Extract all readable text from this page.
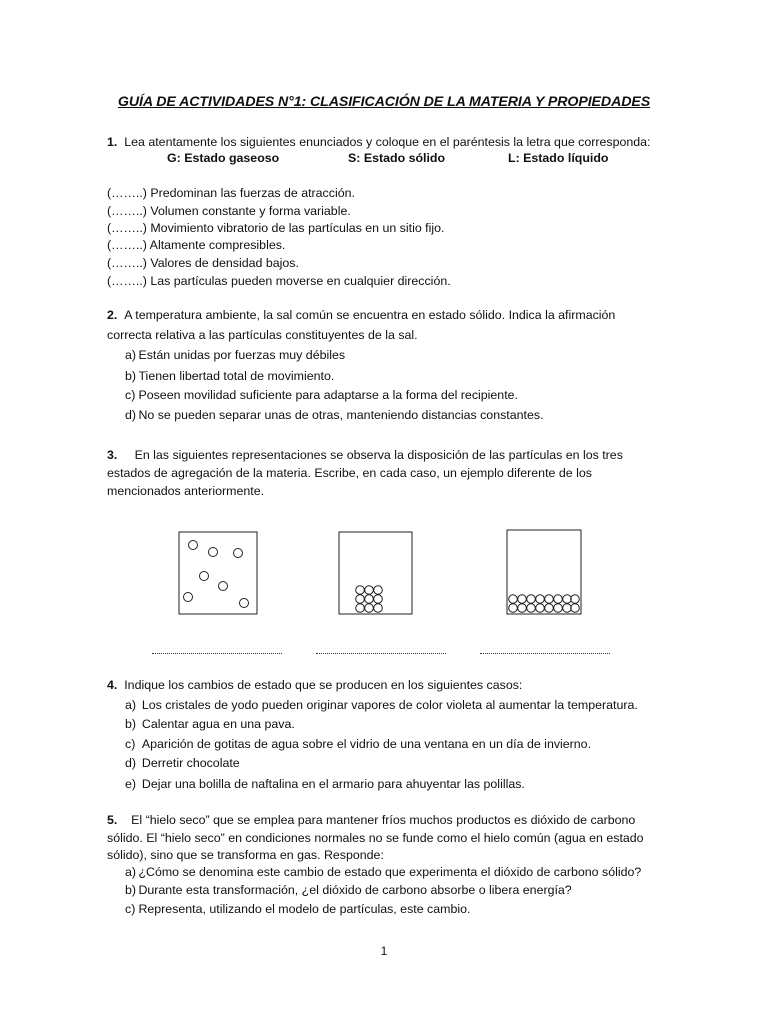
GUÍA DE ACTIVIDADES N°1: CLASIFICACIÓN DE LA MATERIA Y PROPIEDADES
1. Lea atentamente los siguientes enunciados y coloque en el paréntesis la letra que corresponda:
G: Estado gaseoso	S: Estado sólido	L: Estado líquido
(……..) Predominan las fuerzas de atracción.
(……..) Volumen constante y forma variable.
(……..) Movimiento vibratorio de las partículas en un sitio fijo.
(……..) Altamente compresibles.
(……..) Valores de densidad bajos.
(……..) Las partículas pueden moverse en cualquier dirección.
2. A temperatura ambiente, la sal común se encuentra en estado sólido. Indica la afirmación
correcta relativa a las partículas constituyentes de la sal.
a) Están unidas por fuerzas muy débiles
b) Tienen libertad total de movimiento.
c) Poseen movilidad suficiente para adaptarse a la forma del recipiente.
d) No se pueden separar unas de otras, manteniendo distancias constantes.
3. En las siguientes representaciones se observa la disposición de las partículas en los tres
estados de agregación de la materia. Escribe, en cada caso, un ejemplo diferente de los
mencionados anteriormente.
4. Indique los cambios de estado que se producen en los siguientes casos:
a) Los cristales de yodo pueden originar vapores de color violeta al aumentar la temperatura.
b) Calentar agua en una pava.
c) Aparición de gotitas de agua sobre el vidrio de una ventana en un día de invierno.
d) Derretir chocolate
e) Dejar una bolilla de naftalina en el armario para ahuyentar las polillas.
5. El “hielo seco” que se emplea para mantener fríos muchos productos es dióxido de carbono
sólido. El “hielo seco” en condiciones normales no se funde como el hielo común (agua en estado
sólido), sino que se transforma en gas. Responde:
a) ¿Cómo se denomina este cambio de estado que experimenta el dióxido de carbono sólido?
b) Durante esta transformación, ¿el dióxido de carbono absorbe o libera energía?
c) Representa, utilizando el modelo de partículas, este cambio.
1
